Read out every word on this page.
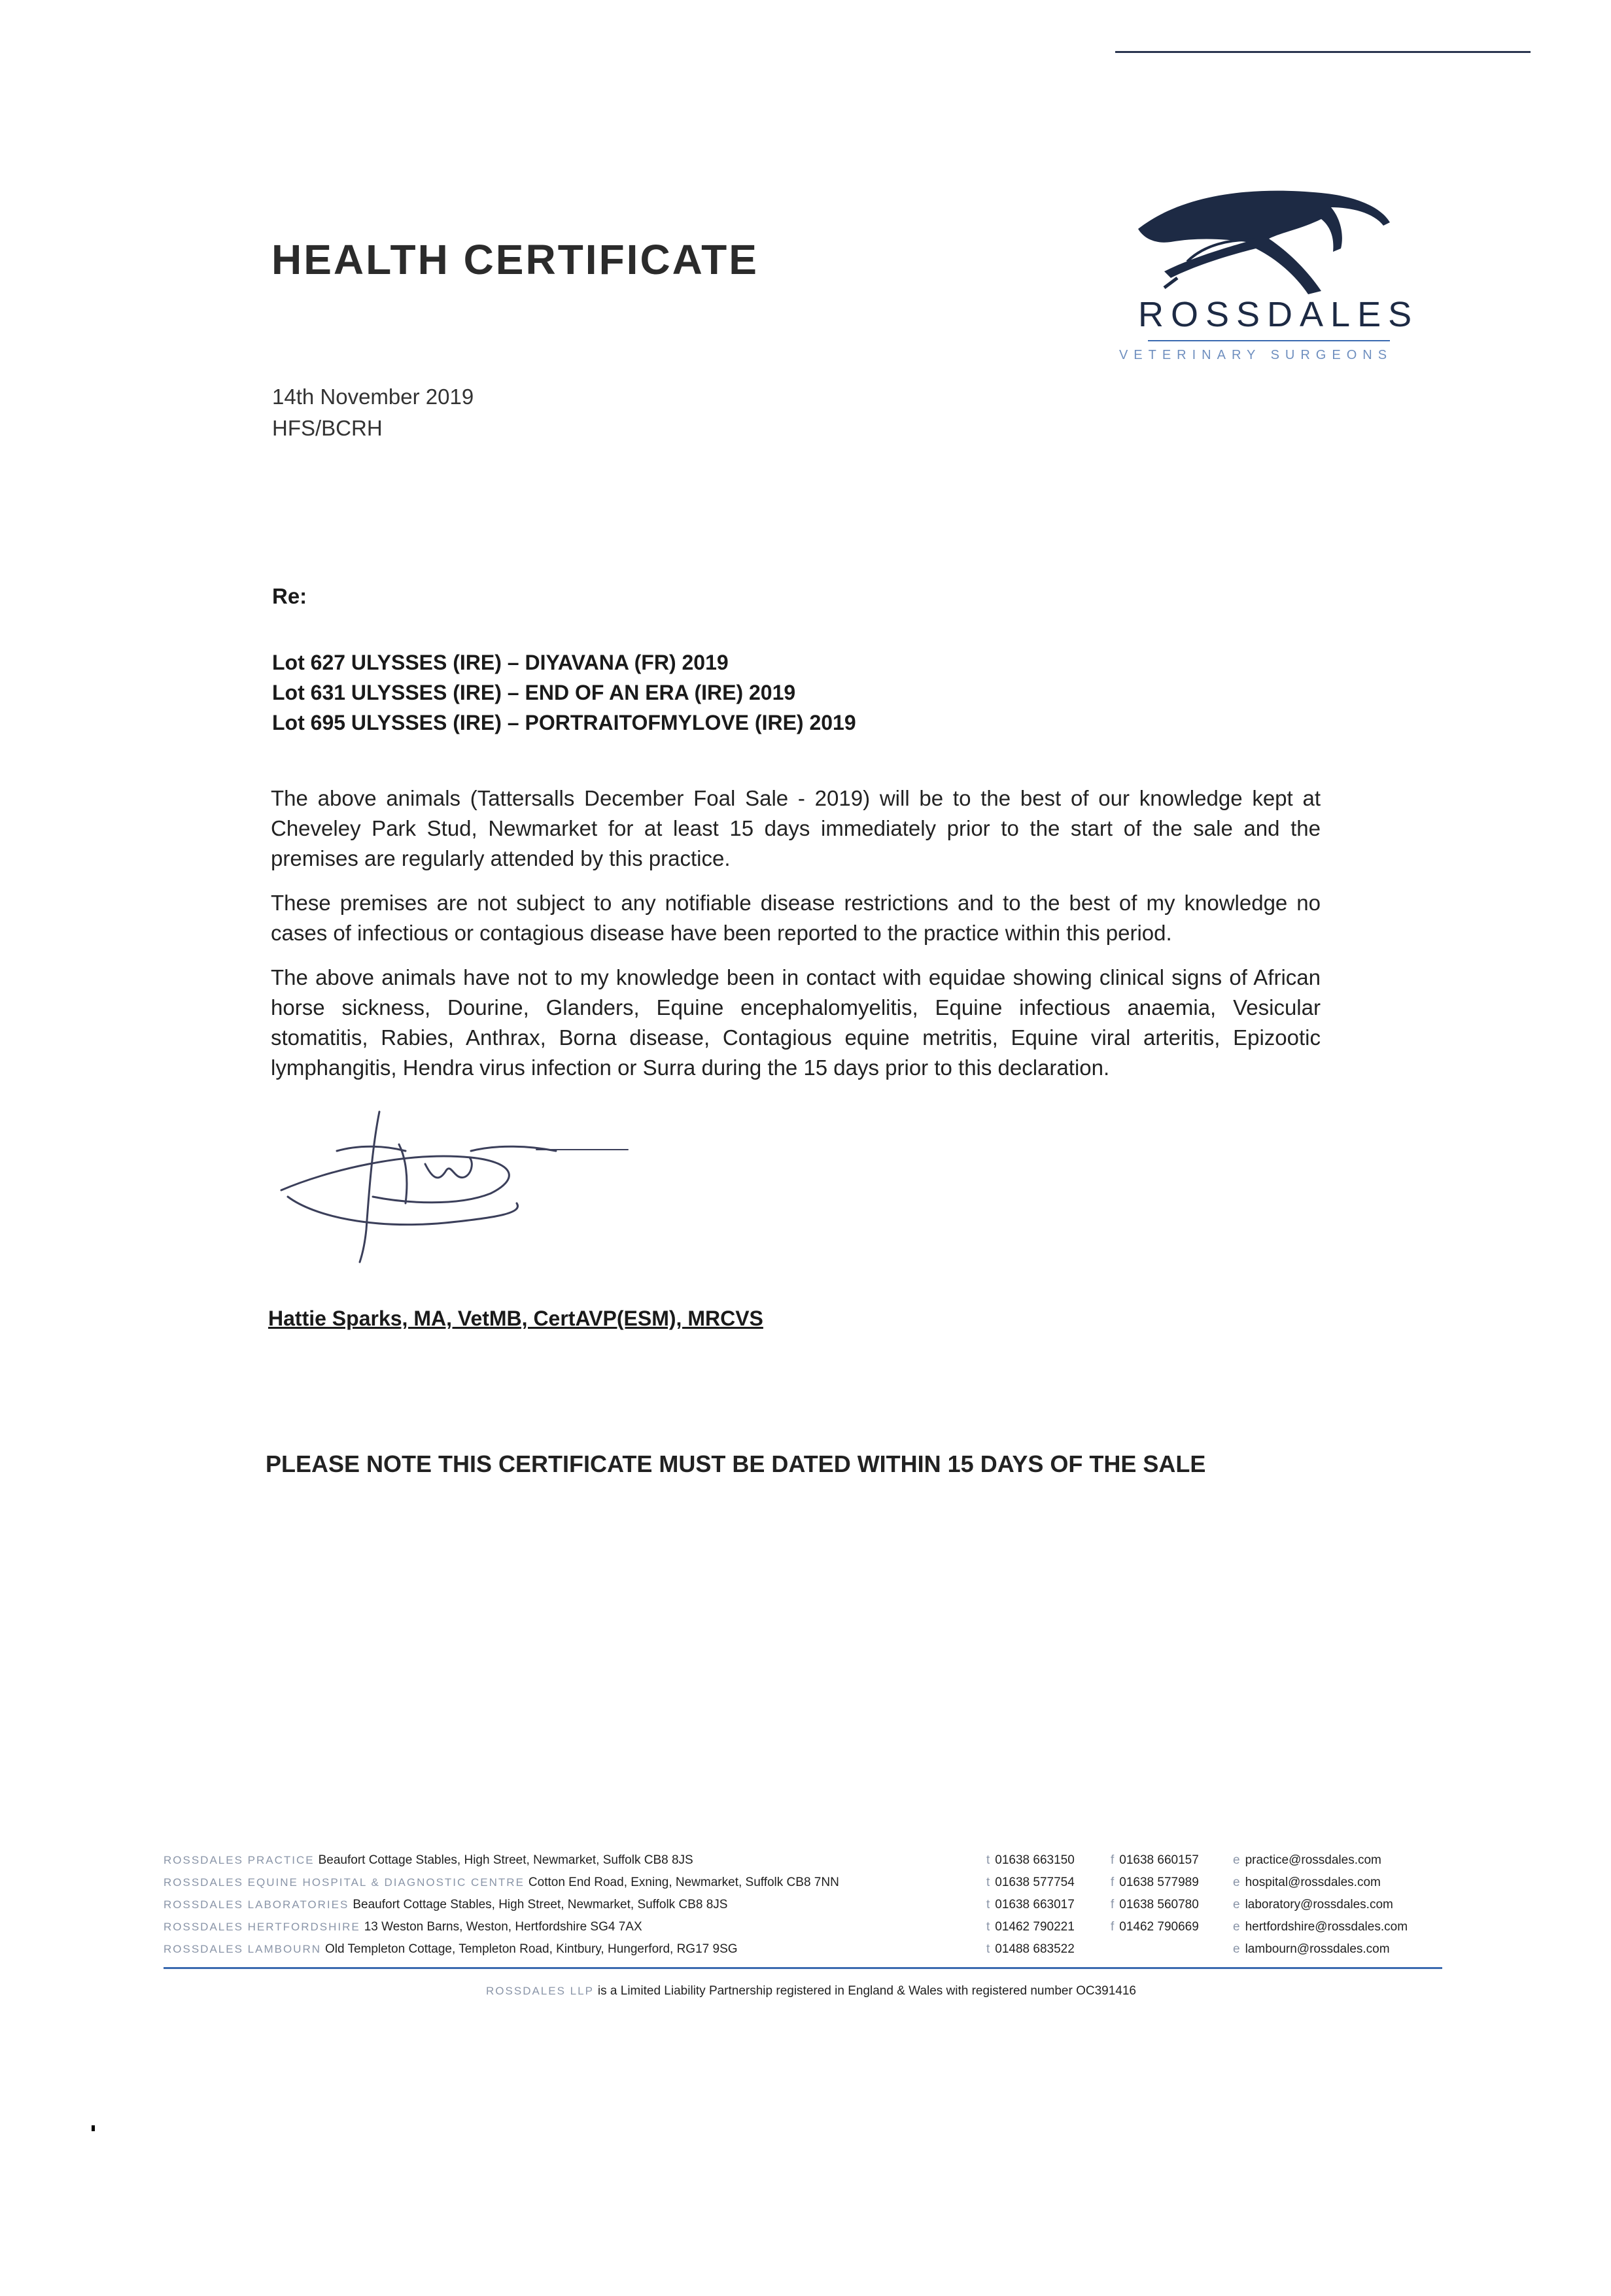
HEALTH CERTIFICATE
ROSSDALES
VETERINARY SURGEONS
14th November 2019
HFS/BCRH
Re:
Lot 627 ULYSSES (IRE) – DIYAVANA (FR) 2019
Lot 631 ULYSSES (IRE) – END OF AN ERA (IRE) 2019
Lot 695 ULYSSES (IRE) – PORTRAITOFMYLOVE (IRE) 2019

The above animals (Tattersalls December Foal Sale - 2019) will be to the best of our knowledge kept at Cheveley Park Stud, Newmarket for at least 15 days immediately prior to the start of the sale and the premises are regularly attended by this practice.

These premises are not subject to any notifiable disease restrictions and to the best of my knowledge no cases of infectious or contagious disease have been reported to the practice within this period.

The above animals have not to my knowledge been in contact with equidae showing clinical signs of African horse sickness, Dourine, Glanders, Equine encephalomyelitis, Equine infectious anaemia, Vesicular stomatitis, Rabies, Anthrax, Borna disease, Contagious equine metritis, Equine viral arteritis, Epizootic lymphangitis, Hendra virus infection or Surra during the 15 days prior to this declaration.

Hattie Sparks, MA, VetMB, CertAVP(ESM), MRCVS
PLEASE NOTE THIS CERTIFICATE MUST BE DATED WITHIN 15 DAYS OF THE SALE
ROSSDALES PRACTICE Beaufort Cottage Stables, High Street, Newmarket, Suffolk CB8 8JS
ROSSDALES EQUINE HOSPITAL & DIAGNOSTIC CENTRE Cotton End Road, Exning, Newmarket, Suffolk CB8 7NN
ROSSDALES LABORATORIES Beaufort Cottage Stables, High Street, Newmarket, Suffolk CB8 8JS
ROSSDALES HERTFORDSHIRE 13 Weston Barns, Weston, Hertfordshire SG4 7AX
ROSSDALES LAMBOURN Old Templeton Cottage, Templeton Road, Kintbury, Hungerford, RG17 9SG
t 01638 663150
t 01638 577754
t 01638 663017
t 01462 790221
t 01488 683522
f 01638 660157
f 01638 577989
f 01638 560780
f 01462 790669
e practice@rossdales.com
e hospital@rossdales.com
e laboratory@rossdales.com
e hertfordshire@rossdales.com
e lambourn@rossdales.com
ROSSDALES LLP is a Limited Liability Partnership registered in England & Wales with registered number OC391416
